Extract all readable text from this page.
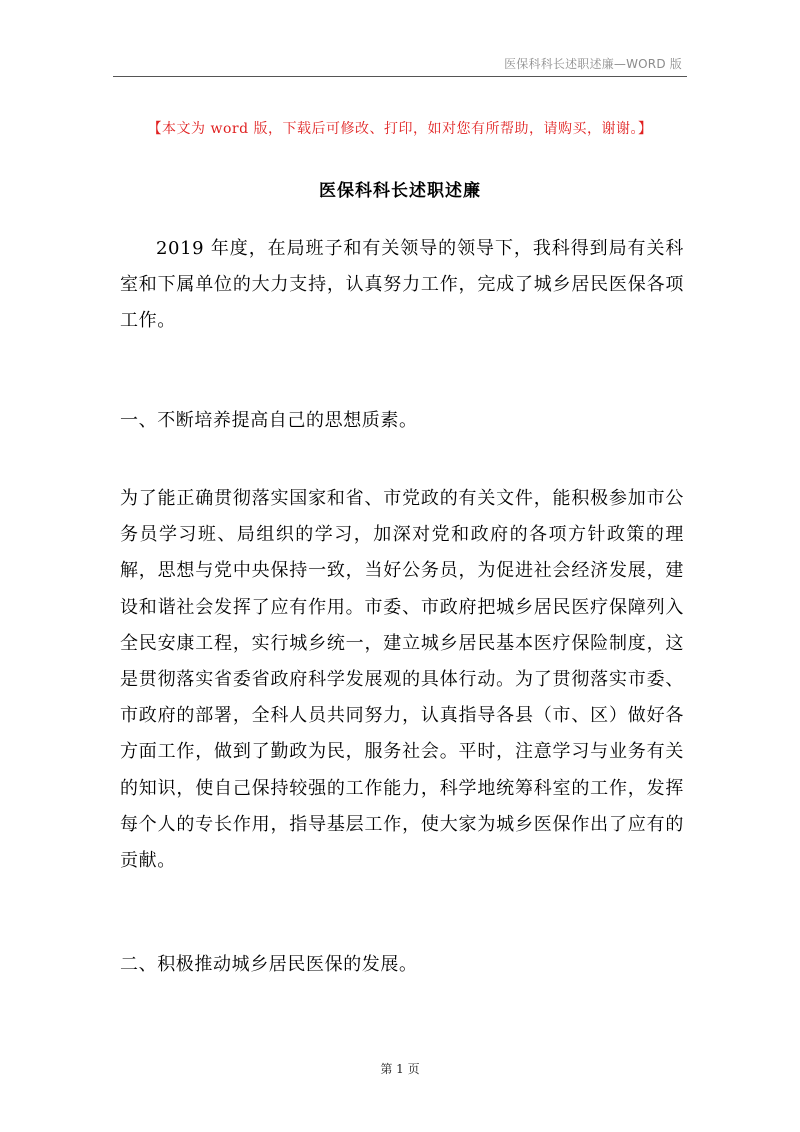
医保科科长述职述廉—WORD 版
【本文为 word 版，下载后可修改、打印，如对您有所帮助，请购买，谢谢。】
医保科科长述职述廉

2019 年度，在局班子和有关领导的领导下，我科得到局有关科室和下属单位的大力支持，认真努力工作，完成了城乡居民医保各项工作。

一、不断培养提高自己的思想质素。

为了能正确贯彻落实国家和省、市党政的有关文件，能积极参加市公务员学习班、局组织的学习，加深对党和政府的各项方针政策的理解，思想与党中央保持一致，当好公务员，为促进社会经济发展，建设和谐社会发挥了应有作用。市委、市政府把城乡居民医疗保障列入全民安康工程，实行城乡统一，建立城乡居民基本医疗保险制度，这是贯彻落实省委省政府科学发展观的具体行动。为了贯彻落实市委、市政府的部署，全科人员共同努力，认真指导各县（市、区）做好各方面工作，做到了勤政为民，服务社会。平时，注意学习与业务有关的知识，使自己保持较强的工作能力，科学地统筹科室的工作，发挥每个人的专长作用，指导基层工作，使大家为城乡医保作出了应有的贡献。

二、积极推动城乡居民医保的发展。

第 1 页
